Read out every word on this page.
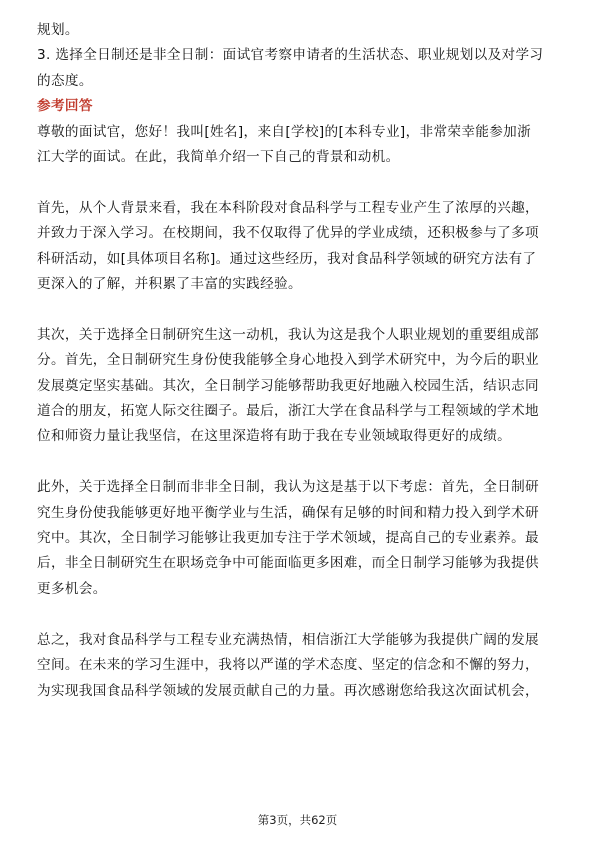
规划。
3. 选择全日制还是非全日制：面试官考察申请者的生活状态、职业规划以及对学习
的态度。
参考回答
尊敬的面试官，您好！我叫[姓名]，来自[学校]的[本科专业]，非常荣幸能参加浙
江大学的面试。在此，我简单介绍一下自己的背景和动机。
首先，从个人背景来看，我在本科阶段对食品科学与工程专业产生了浓厚的兴趣，
并致力于深入学习。在校期间，我不仅取得了优异的学业成绩，还积极参与了多项
科研活动，如[具体项目名称]。通过这些经历，我对食品科学领域的研究方法有了
更深入的了解，并积累了丰富的实践经验。
其次，关于选择全日制研究生这一动机，我认为这是我个人职业规划的重要组成部
分。首先，全日制研究生身份使我能够全身心地投入到学术研究中，为今后的职业
发展奠定坚实基础。其次，全日制学习能够帮助我更好地融入校园生活，结识志同
道合的朋友，拓宽人际交往圈子。最后，浙江大学在食品科学与工程领域的学术地
位和师资力量让我坚信，在这里深造将有助于我在专业领域取得更好的成绩。
此外，关于选择全日制而非非全日制，我认为这是基于以下考虑：首先，全日制研
究生身份使我能够更好地平衡学业与生活，确保有足够的时间和精力投入到学术研
究中。其次，全日制学习能够让我更加专注于学术领域，提高自己的专业素养。最
后，非全日制研究生在职场竞争中可能面临更多困难，而全日制学习能够为我提供
更多机会。
总之，我对食品科学与工程专业充满热情，相信浙江大学能够为我提供广阔的发展
空间。在未来的学习生涯中，我将以严谨的学术态度、坚定的信念和不懈的努力，
为实现我国食品科学领域的发展贡献自己的力量。再次感谢您给我这次面试机会，
第3页，共62页
